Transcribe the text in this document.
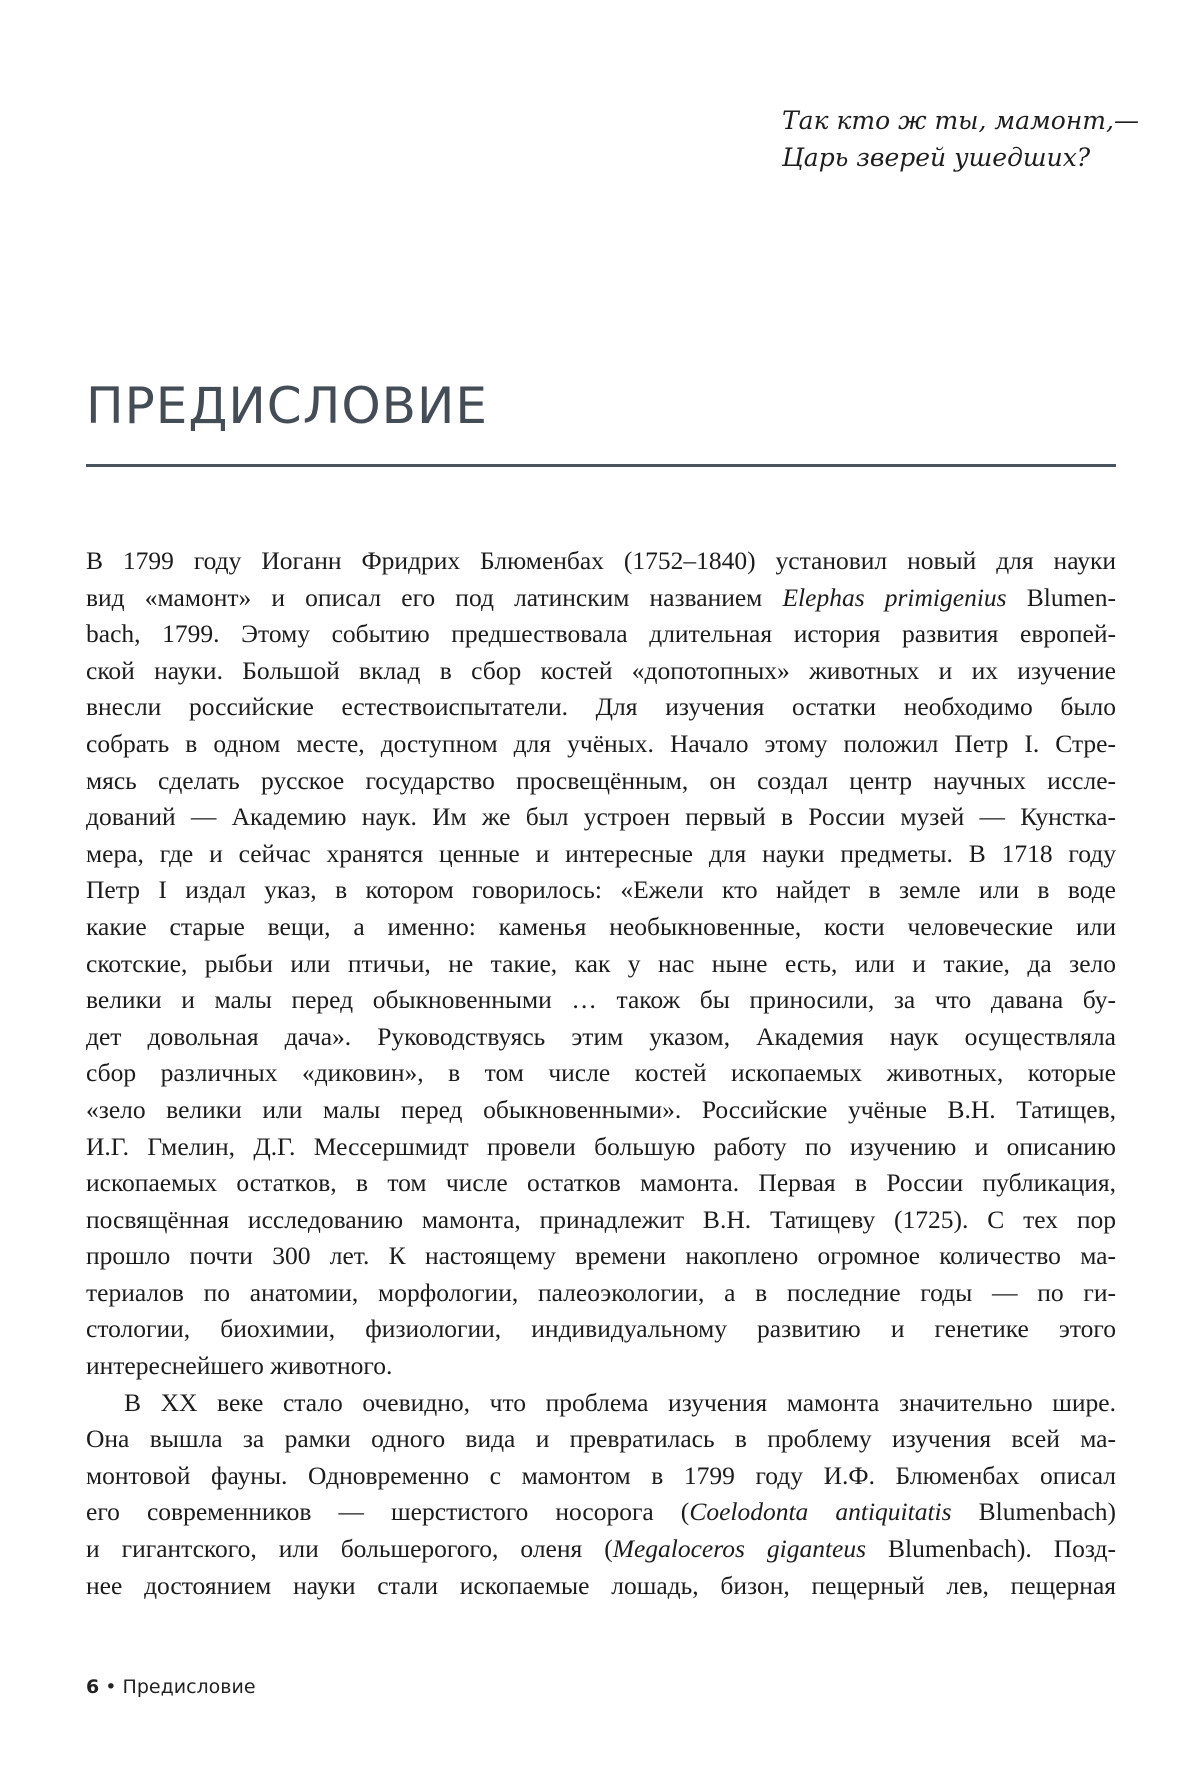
Так кто ж ты, мамонт,—
Царь зверей ушедших?
ПРЕДИСЛОВИЕ
В 1799 году Иоганн Фридрих Блюменбах (1752–1840) установил новый для науки
вид «мамонт» и описал его под латинским названием Elephas primigenius Blumen-
bach, 1799. Этому событию предшествовала длительная история развития европей-
ской науки. Большой вклад в сбор костей «допотопных» животных и их изучение
внесли российские естествоиспытатели. Для изучения остатки необходимо было
собрать в одном месте, доступном для учёных. Начало этому положил Петр I. Стре-
мясь сделать русское государство просвещённым, он создал центр научных иссле-
дований — Академию наук. Им же был устроен первый в России музей — Кунстка-
мера, где и сейчас хранятся ценные и интересные для науки предметы. В 1718 году
Петр I издал указ, в котором говорилось: «Ежели кто найдет в земле или в воде
какие старые вещи, а именно: каменья необыкновенные, кости человеческие или
скотские, рыбьи или птичьи, не такие, как у нас ныне есть, или и такие, да зело
велики и малы перед обыкновенными … також бы приносили, за что давана бу-
дет довольная дача». Руководствуясь этим указом, Академия наук осуществляла
сбор различных «диковин», в том числе костей ископаемых животных, которые
«зело велики или малы перед обыкновенными». Российские учёные В.Н. Татищев,
И.Г. Гмелин, Д.Г. Мессершмидт провели большую работу по изучению и описанию
ископаемых остатков, в том числе остатков мамонта. Первая в России публикация,
посвящённая исследованию мамонта, принадлежит В.Н. Татищеву (1725). С тех пор
прошло почти 300 лет. К настоящему времени накоплено огромное количество ма-
териалов по анатомии, морфологии, палеоэкологии, а в последние годы — по ги-
стологии, биохимии, физиологии, индивидуальному развитию и генетике этого
интереснейшего животного.
В XX веке стало очевидно, что проблема изучения мамонта значительно шире.
Она вышла за рамки одного вида и превратилась в проблему изучения всей ма-
монтовой фауны. Одновременно с мамонтом в 1799 году И.Ф. Блюменбах описал
его современников — шерстистого носорога (Coelodonta antiquitatis Blumenbach)
и гигантского, или большерогого, оленя (Megaloceros giganteus Blumenbach). Позд-
нее достоянием науки стали ископаемые лошадь, бизон, пещерный лев, пещерная
6 • Предисловие
